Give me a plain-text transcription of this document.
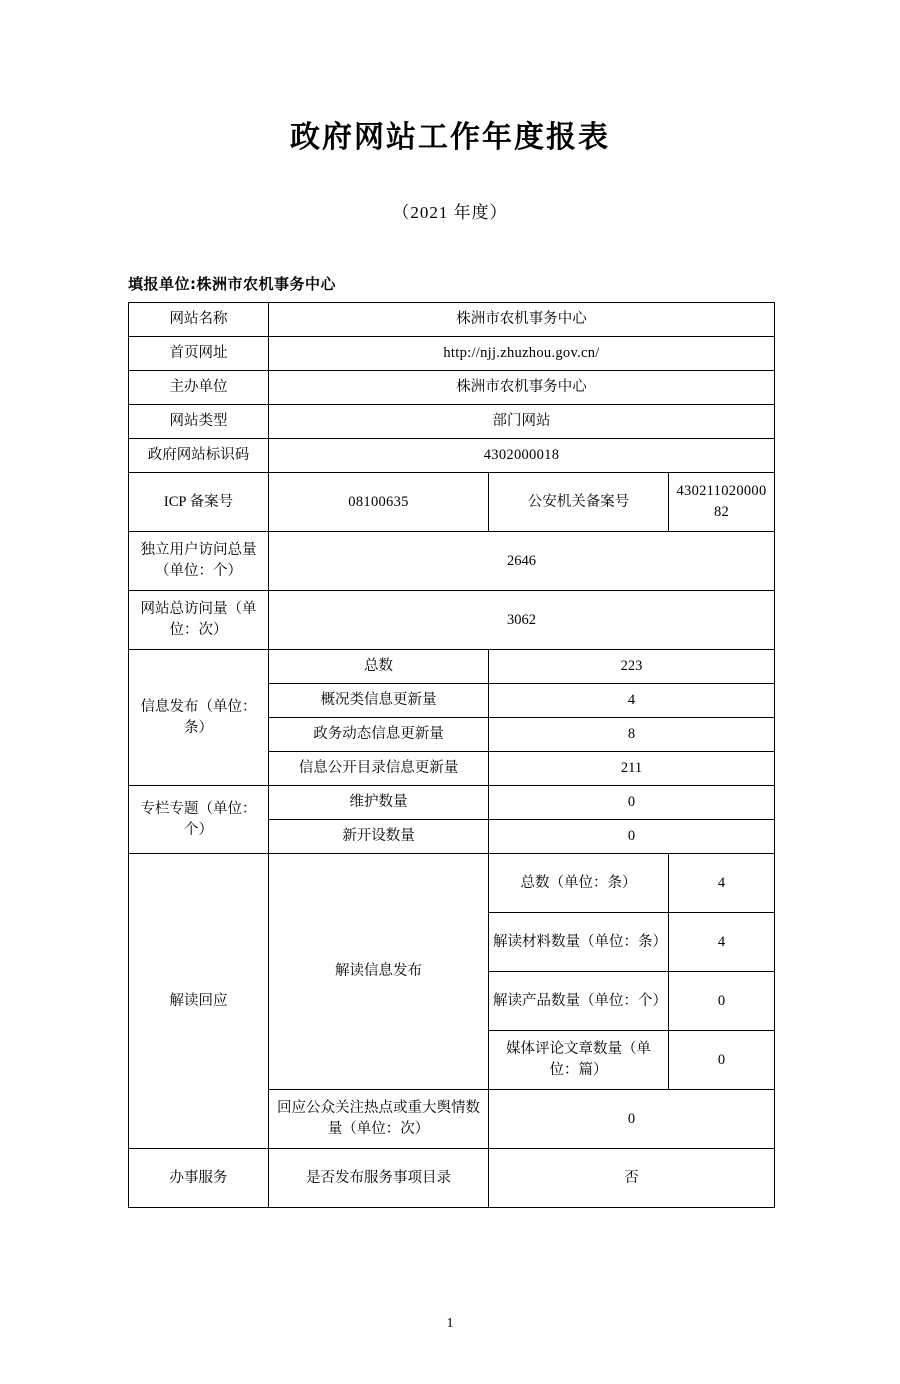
政府网站工作年度报表
（2021 年度）
填报单位:株洲市农机事务中心
网站名称	株洲市农机事务中心		
首页网址	http://njj.zhuzhou.gov.cn/		
主办单位	株洲市农机事务中心		
网站类型	部门网站		
政府网站标识码	4302000018		
ICP 备案号	08100635	公安机关备案号	43021102000082
独立用户访问总量（单位：个）	2646		
网站总访问量（单位：次）	3062		
信息发布（单位：条）	总数	223	
	概况类信息更新量	4	
	政务动态信息更新量	8	
	信息公开目录信息更新量	211	
专栏专题（单位：个）	维护数量	0	
	新开设数量	0	
解读回应	解读信息发布	总数（单位：条）	4
		解读材料数量（单位：条）	4
		解读产品数量（单位：个）	0
		媒体评论文章数量（单位：篇）	0
	回应公众关注热点或重大舆情数量（单位：次）	0	
办事服务	是否发布服务事项目录	否	
1
